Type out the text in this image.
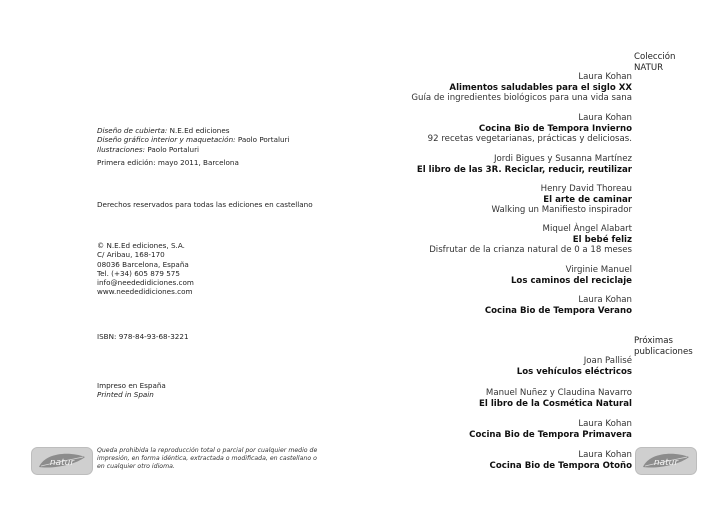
Diseño de cubierta: N.E.Ed ediciones
Diseño gráfico interior y maquetación: Paolo Portaluri
Ilustraciones: Paolo Portaluri
Primera edición: mayo 2011, Barcelona
Derechos reservados para todas las ediciones en castellano
© N.E.Ed ediciones, S.A.
C/ Aribau, 168-170
08036 Barcelona, España
Tel. (+34) 605 879 575
info@neededidiciones.com
www.neededidiciones.com
ISBN: 978-84-93-68-3221
Impreso en España
Printed in Spain
Queda prohibida la reproducción total o parcial por cualquier medio de impresión, en forma idéntica, extractada o modificada, en castellano o en cualquier otro idioma.
natur
Colección
NATUR
Laura Kohan
Alimentos saludables para el siglo XX
Guía de ingredientes biológicos para una vida sana
Laura Kohan
Cocina Bio de Tempora Invierno
92 recetas vegetarianas, prácticas y deliciosas.
Jordi Bigues y Susanna Martínez
El libro de las 3R. Reciclar, reducir, reutilizar
Henry David Thoreau
El arte de caminar
Walking un Manifiesto inspirador
Miquel Àngel Alabart
El bebé feliz
Disfrutar de la crianza natural de 0 a 18 meses
Virginie Manuel
Los caminos del reciclaje
Laura Kohan
Cocina Bio de Tempora Verano
Joan Pallisé
Los vehículos eléctricos
Manuel Nuñez y Claudina Navarro
El libro de la Cosmética Natural
Laura Kohan
Cocina Bio de Tempora Primavera
Laura Kohan
Cocina Bio de Tempora Otoño
Próximas
publicaciones
natur
